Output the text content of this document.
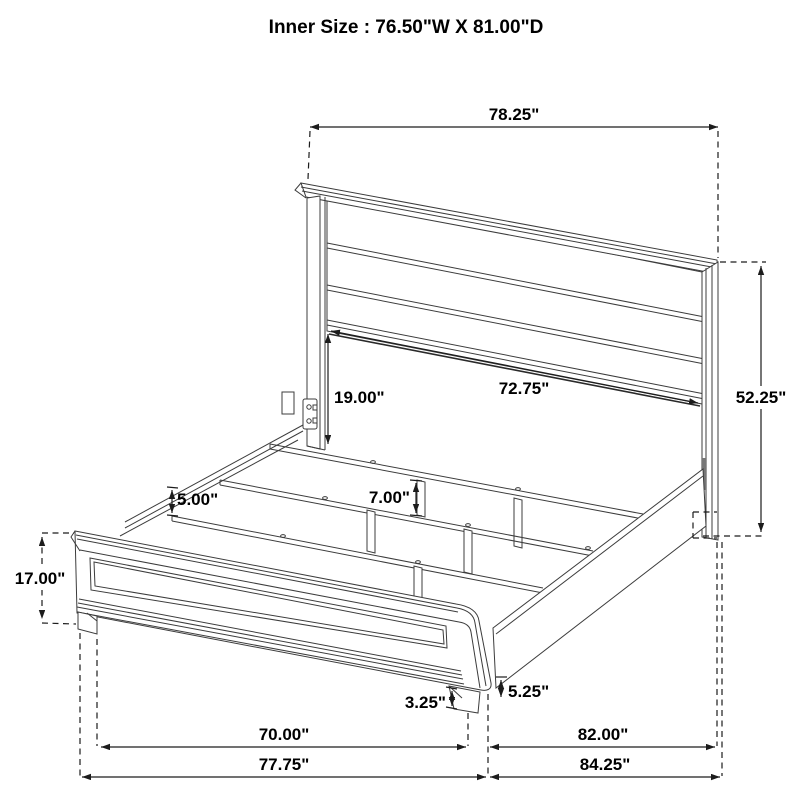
Inner Size : 76.50"W X 81.00"D
78.25"
52.25"
72.75"
19.00"
5.00"	7.00"
17.00"
3.25"
5.25"
70.00"	82.00"
77.75"	84.25"
